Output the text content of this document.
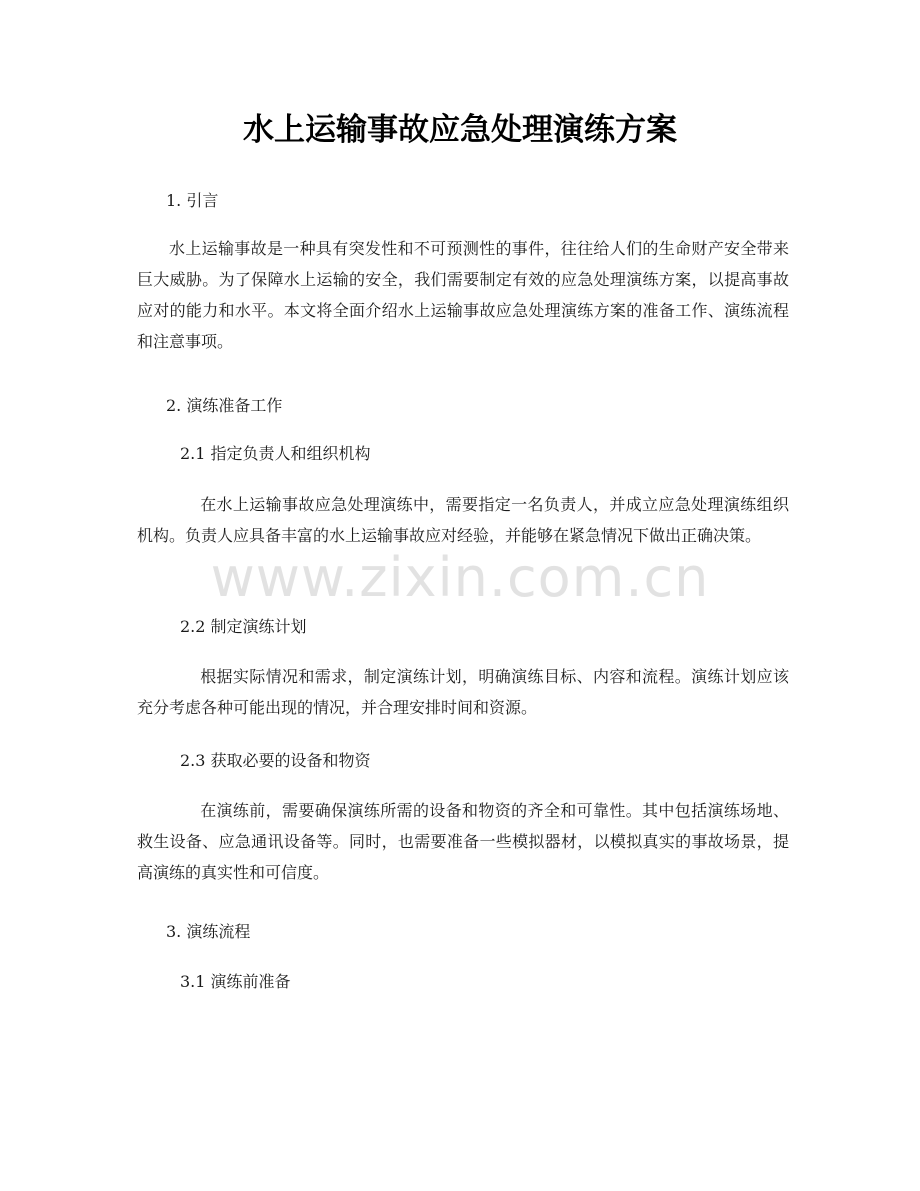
水上运输事故应急处理演练方案

1. 引言

水上运输事故是一种具有突发性和不可预测性的事件，往往给人们的生命财产安全带来巨大威胁。为了保障水上运输的安全，我们需要制定有效的应急处理演练方案，以提高事故应对的能力和水平。本文将全面介绍水上运输事故应急处理演练方案的准备工作、演练流程和注意事项。

2. 演练准备工作

2.1 指定负责人和组织机构

在水上运输事故应急处理演练中，需要指定一名负责人，并成立应急处理演练组织机构。负责人应具备丰富的水上运输事故应对经验，并能够在紧急情况下做出正确决策。

2.2 制定演练计划

根据实际情况和需求，制定演练计划，明确演练目标、内容和流程。演练计划应该充分考虑各种可能出现的情况，并合理安排时间和资源。

2.3 获取必要的设备和物资

在演练前，需要确保演练所需的设备和物资的齐全和可靠性。其中包括演练场地、救生设备、应急通讯设备等。同时，也需要准备一些模拟器材，以模拟真实的事故场景，提高演练的真实性和可信度。

3. 演练流程

3.1 演练前准备

www.zixin.com.cn
